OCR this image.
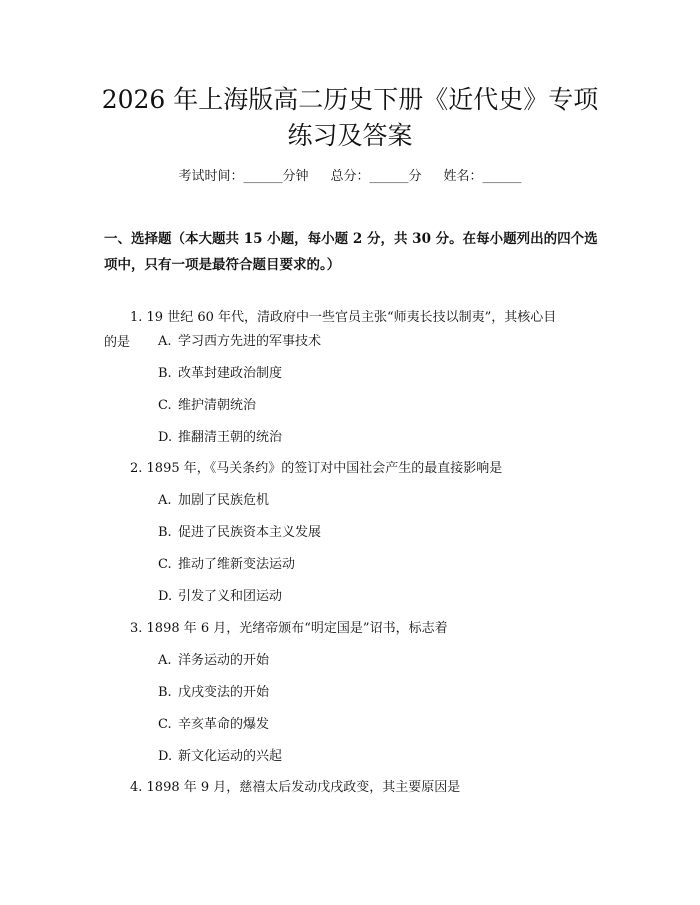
2026 年上海版高二历史下册《近代史》专项
练习及答案
考试时间：______分钟 总分：______分 姓名：______
一、选择题（本大题共 15 小题，每小题 2 分，共 30 分。在每小题列出的四个选
项中，只有一项是最符合题目要求的。）
1. 19 世纪 60 年代，清政府中一些官员主张“师夷长技以制夷”，其核心目
的是	A. 学习西方先进的军事技术
B. 改革封建政治制度
C. 维护清朝统治
D. 推翻清王朝的统治
2. 1895 年，《马关条约》的签订对中国社会产生的最直接影响是
A. 加剧了民族危机
B. 促进了民族资本主义发展
C. 推动了维新变法运动
D. 引发了义和团运动
3. 1898 年 6 月，光绪帝颁布“明定国是”诏书，标志着
A. 洋务运动的开始
B. 戊戌变法的开始
C. 辛亥革命的爆发
D. 新文化运动的兴起
4. 1898 年 9 月，慈禧太后发动戊戌政变，其主要原因是
